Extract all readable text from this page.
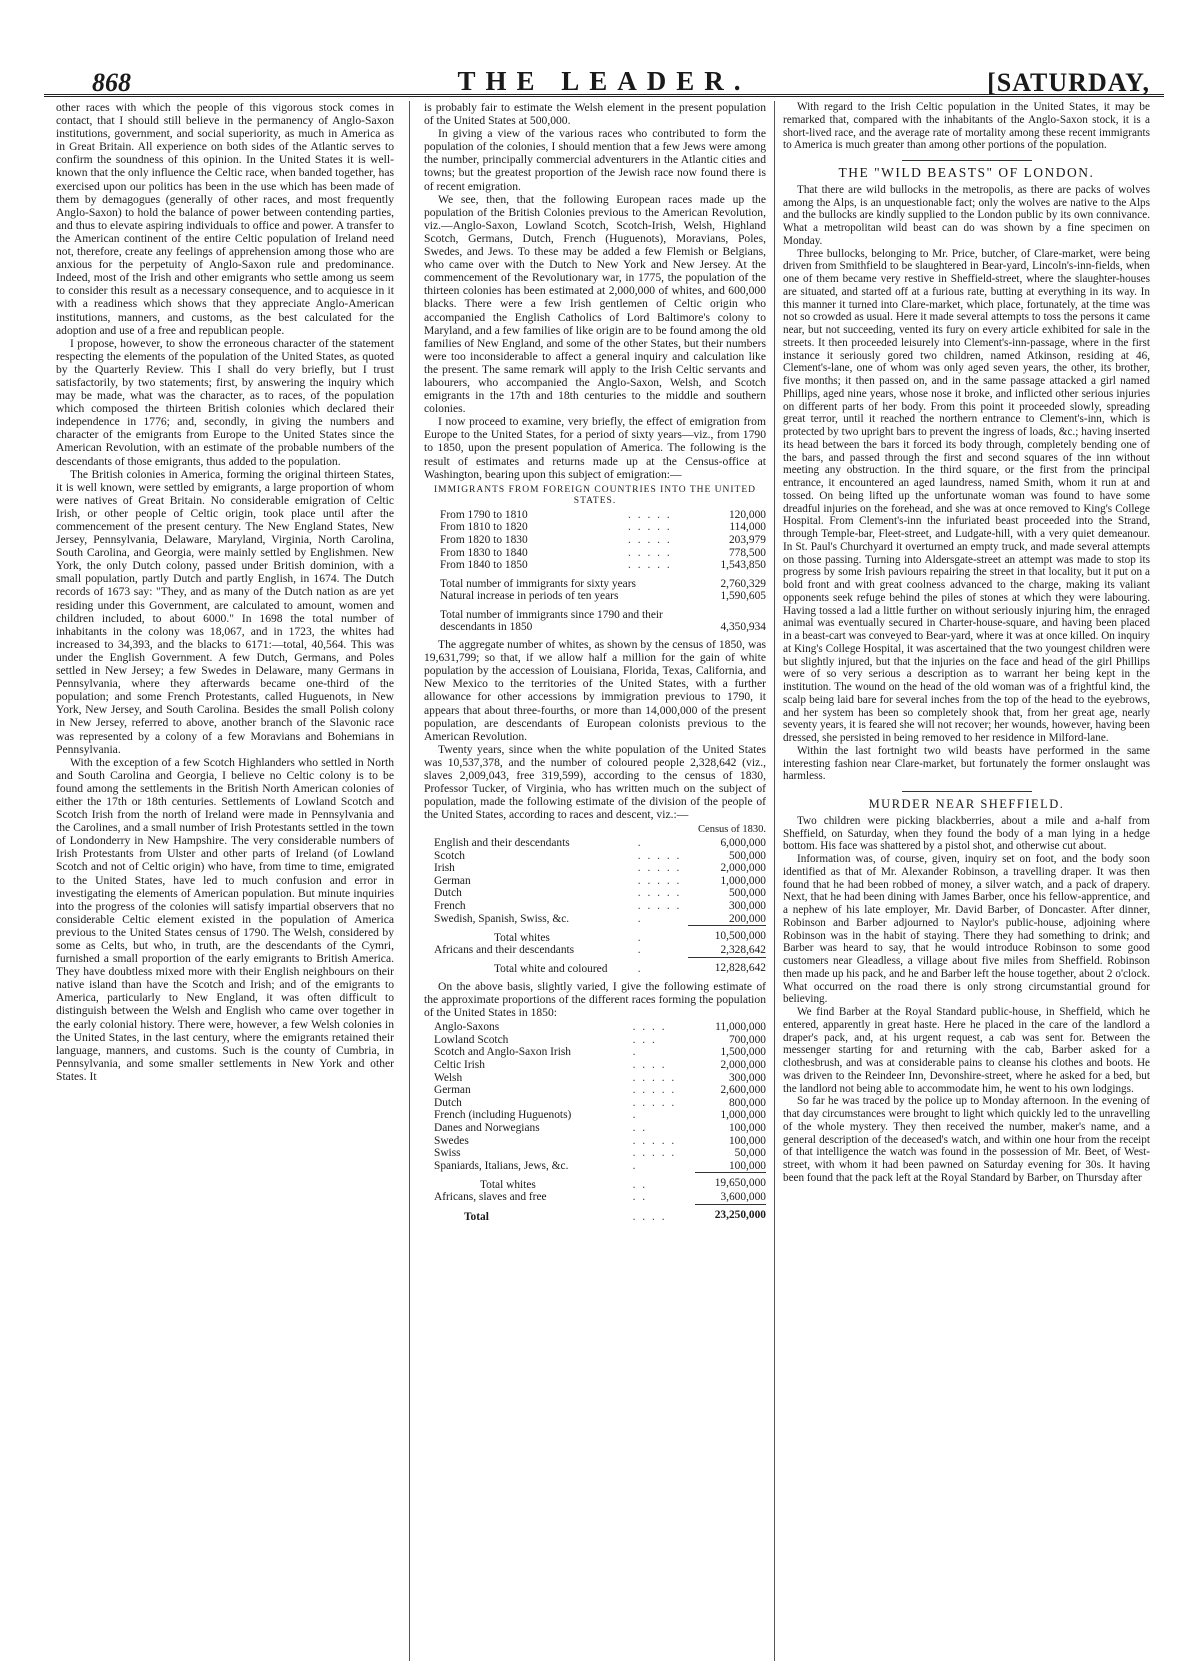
868	THE LEADER.	[SATURDAY,

other races with which the people of this vigorous stock comes in contact, that I should still believe in the permanency of Anglo-Saxon institutions, government, and social superiority, as much in America as in Great Britain. All experience on both sides of the Atlantic serves to confirm the soundness of this opinion. In the United States it is well-known that the only influence the Celtic race, when banded together, has exercised upon our politics has been in the use which has been made of them by demagogues (generally of other races, and most frequently Anglo-Saxon) to hold the balance of power between contending parties, and thus to elevate aspiring individuals to office and power. A transfer to the American continent of the entire Celtic population of Ireland need not, therefore, create any feelings of apprehension among those who are anxious for the perpetuity of Anglo-Saxon rule and predominance. Indeed, most of the Irish and other emigrants who settle among us seem to consider this result as a necessary consequence, and to acquiesce in it with a readiness which shows that they appreciate Anglo-American institutions, manners, and customs, as the best calculated for the adoption and use of a free and republican people.

I propose, however, to show the erroneous character of the statement respecting the elements of the population of the United States, as quoted by the Quarterly Review. This I shall do very briefly, but I trust satisfactorily, by two statements; first, by answering the inquiry which may be made, what was the character, as to races, of the population which composed the thirteen British colonies which declared their independence in 1776; and, secondly, in giving the numbers and character of the emigrants from Europe to the United States since the American Revolution, with an estimate of the probable numbers of the descendants of those emigrants, thus added to the population.

The British colonies in America, forming the original thirteen States, it is well known, were settled by emigrants, a large proportion of whom were natives of Great Britain. No considerable emigration of Celtic Irish, or other people of Celtic origin, took place until after the commencement of the present century. The New England States, New Jersey, Pennsylvania, Delaware, Maryland, Virginia, North Carolina, South Carolina, and Georgia, were mainly settled by Englishmen. New York, the only Dutch colony, passed under British dominion, with a small population, partly Dutch and partly English, in 1674. The Dutch records of 1673 say: "They, and as many of the Dutch nation as are yet residing under this Government, are calculated to amount, women and children included, to about 6000." In 1698 the total number of inhabitants in the colony was 18,067, and in 1723, the whites had increased to 34,393, and the blacks to 6171:—total, 40,564. This was under the English Government. A few Dutch, Germans, and Poles settled in New Jersey; a few Swedes in Delaware, many Germans in Pennsylvania, where they afterwards became one-third of the population; and some French Protestants, called Huguenots, in New York, New Jersey, and South Carolina. Besides the small Polish colony in New Jersey, referred to above, another branch of the Slavonic race was represented by a colony of a few Moravians and Bohemians in Pennsylvania.

With the exception of a few Scotch Highlanders who settled in North and South Carolina and Georgia, I believe no Celtic colony is to be found among the settlements in the British North American colonies of either the 17th or 18th centuries. Settlements of Lowland Scotch and Scotch Irish from the north of Ireland were made in Pennsylvania and the Carolines, and a small number of Irish Protestants settled in the town of Londonderry in New Hampshire. The very considerable numbers of Irish Protestants from Ulster and other parts of Ireland (of Lowland Scotch and not of Celtic origin) who have, from time to time, emigrated to the United States, have led to much confusion and error in investigating the elements of American population. But minute inquiries into the progress of the colonies will satisfy impartial observers that no considerable Celtic element existed in the population of America previous to the United States census of 1790. The Welsh, considered by some as Celts, but who, in truth, are the descendants of the Cymri, furnished a small proportion of the early emigrants to British America. They have doubtless mixed more with their English neighbours on their native island than have the Scotch and Irish; and of the emigrants to America, particularly to New England, it was often difficult to distinguish between the Welsh and English who came over together in the early colonial history. There were, however, a few Welsh colonies in the United States, in the last century, where the emigrants retained their language, manners, and customs. Such is the county of Cumbria, in Pennsylvania, and some smaller settlements in New York and other States. It

is probably fair to estimate the Welsh element in the present population of the United States at 500,000.

In giving a view of the various races who contributed to form the population of the colonies, I should mention that a few Jews were among the number, principally commercial adventurers in the Atlantic cities and towns; but the greatest proportion of the Jewish race now found there is of recent emigration.

We see, then, that the following European races made up the population of the British Colonies previous to the American Revolution, viz.—Anglo-Saxon, Lowland Scotch, Scotch-Irish, Welsh, Highland Scotch, Germans, Dutch, French (Huguenots), Moravians, Poles, Swedes, and Jews. To these may be added a few Flemish or Belgians, who came over with the Dutch to New York and New Jersey. At the commencement of the Revolutionary war, in 1775, the population of the thirteen colonies has been estimated at 2,000,000 of whites, and 600,000 blacks. There were a few Irish gentlemen of Celtic origin who accompanied the English Catholics of Lord Baltimore's colony to Maryland, and a few families of like origin are to be found among the old families of New England, and some of the other States, but their numbers were too inconsiderable to affect a general inquiry and calculation like the present. The same remark will apply to the Irish Celtic servants and labourers, who accompanied the Anglo-Saxon, Welsh, and Scotch emigrants in the 17th and 18th centuries to the middle and southern colonies.

I now proceed to examine, very briefly, the effect of emigration from Europe to the United States, for a period of sixty years—viz., from 1790 to 1850, upon the present population of America. The following is the result of estimates and returns made up at the Census-office at Washington, bearing upon this subject of emigration:—

IMMIGRANTS FROM FOREIGN COUNTRIES INTO THE UNITED STATES.
From 1790 to 1810	. . . . .	120,000
From 1810 to 1820	. . . . .	114,000
From 1820 to 1830	. . . . .	203,979
From 1830 to 1840	. . . . .	778,500
From 1840 to 1850	. . . . .	1,543,850
Total number of immigrants for sixty years		2,760,329
Natural increase in periods of ten years		1,590,605
Total number of immigrants since 1790 and their descendants in 1850		4,350,934

The aggregate number of whites, as shown by the census of 1850, was 19,631,799; so that, if we allow half a million for the gain of white population by the accession of Louisiana, Florida, Texas, California, and New Mexico to the territories of the United States, with a further allowance for other accessions by immigration previous to 1790, it appears that about three-fourths, or more than 14,000,000 of the present population, are descendants of European colonists previous to the American Revolution.

Twenty years, since when the white population of the United States was 10,537,378, and the number of coloured people 2,328,642 (viz., slaves 2,009,043, free 319,599), according to the census of 1830, Professor Tucker, of Virginia, who has written much on the subject of population, made the following estimate of the division of the people of the United States, according to races and descent, viz.:—

		Census of 1830.
English and their descendants	.	6,000,000
Scotch	. . . . .	500,000
Irish	. . . . .	2,000,000
German	. . . . .	1,000,000
Dutch	. . . . .	500,000
French	. . . . .	300,000
Swedish, Spanish, Swiss, &c.	.	200,000
Total whites	.	10,500,000
Africans and their descendants	.	2,328,642
Total white and coloured	.	12,828,642

On the above basis, slightly varied, I give the following estimate of the approximate proportions of the different races forming the population of the United States in 1850:

Anglo-Saxons	. . . .	11,000,000
Lowland Scotch	. . .	700,000
Scotch and Anglo-Saxon Irish	.	1,500,000
Celtic Irish	. . . .	2,000,000
Welsh	. . . . .	300,000
German	. . . . .	2,600,000
Dutch	. . . . .	800,000
French (including Huguenots)	.	1,000,000
Danes and Norwegians	. .	100,000
Swedes	. . . . .	100,000
Swiss	. . . . .	50,000
Spaniards, Italians, Jews, &c.	.	100,000
Total whites	. .	19,650,000
Africans, slaves and free	. .	3,600,000
Total	. . . .	23,250,000

With regard to the Irish Celtic population in the United States, it may be remarked that, compared with the inhabitants of the Anglo-Saxon stock, it is a short-lived race, and the average rate of mortality among these recent immigrants to America is much greater than among other portions of the population.

THE "WILD BEASTS" OF LONDON.

That there are wild bullocks in the metropolis, as there are packs of wolves among the Alps, is an unquestionable fact; only the wolves are native to the Alps and the bullocks are kindly supplied to the London public by its own connivance. What a metropolitan wild beast can do was shown by a fine specimen on Monday.

Three bullocks, belonging to Mr. Price, butcher, of Clare-market, were being driven from Smithfield to be slaughtered in Bear-yard, Lincoln's-inn-fields, when one of them became very restive in Sheffield-street, where the slaughter-houses are situated, and started off at a furious rate, butting at everything in its way. In this manner it turned into Clare-market, which place, fortunately, at the time was not so crowded as usual. Here it made several attempts to toss the persons it came near, but not succeeding, vented its fury on every article exhibited for sale in the streets. It then proceeded leisurely into Clement's-inn-passage, where in the first instance it seriously gored two children, named Atkinson, residing at 46, Clement's-lane, one of whom was only aged seven years, the other, its brother, five months; it then passed on, and in the same passage attacked a girl named Phillips, aged nine years, whose nose it broke, and inflicted other serious injuries on different parts of her body. From this point it proceeded slowly, spreading great terror, until it reached the northern entrance to Clement's-inn, which is protected by two upright bars to prevent the ingress of loads, &c.; having inserted its head between the bars it forced its body through, completely bending one of the bars, and passed through the first and second squares of the inn without meeting any obstruction. In the third square, or the first from the principal entrance, it encountered an aged laundress, named Smith, whom it run at and tossed. On being lifted up the unfortunate woman was found to have some dreadful injuries on the forehead, and she was at once removed to King's College Hospital. From Clement's-inn the infuriated beast proceeded into the Strand, through Temple-bar, Fleet-street, and Ludgate-hill, with a very quiet demeanour. In St. Paul's Churchyard it overturned an empty truck, and made several attempts on those passing. Turning into Aldersgate-street an attempt was made to stop its progress by some Irish paviours repairing the street in that locality, but it put on a bold front and with great coolness advanced to the charge, making its valiant opponents seek refuge behind the piles of stones at which they were labouring. Having tossed a lad a little further on without seriously injuring him, the enraged animal was eventually secured in Charter-house-square, and having been placed in a beast-cart was conveyed to Bear-yard, where it was at once killed. On inquiry at King's College Hospital, it was ascertained that the two youngest children were but slightly injured, but that the injuries on the face and head of the girl Phillips were of so very serious a description as to warrant her being kept in the institution. The wound on the head of the old woman was of a frightful kind, the scalp being laid bare for several inches from the top of the head to the eyebrows, and her system has been so completely shook that, from her great age, nearly seventy years, it is feared she will not recover; her wounds, however, having been dressed, she persisted in being removed to her residence in Milford-lane.

Within the last fortnight two wild beasts have performed in the same interesting fashion near Clare-market, but fortunately the former onslaught was harmless.

MURDER NEAR SHEFFIELD.

Two children were picking blackberries, about a mile and a-half from Sheffield, on Saturday, when they found the body of a man lying in a hedge bottom. His face was shattered by a pistol shot, and otherwise cut about.

Information was, of course, given, inquiry set on foot, and the body soon identified as that of Mr. Alexander Robinson, a travelling draper. It was then found that he had been robbed of money, a silver watch, and a pack of drapery. Next, that he had been dining with James Barber, once his fellow-apprentice, and a nephew of his late employer, Mr. David Barber, of Doncaster. After dinner, Robinson and Barber adjourned to Naylor's public-house, adjoining where Robinson was in the habit of staying. There they had something to drink; and Barber was heard to say, that he would introduce Robinson to some good customers near Gleadless, a village about five miles from Sheffield. Robinson then made up his pack, and he and Barber left the house together, about 2 o'clock. What occurred on the road there is only strong circumstantial ground for believing.

We find Barber at the Royal Standard public-house, in Sheffield, which he entered, apparently in great haste. Here he placed in the care of the landlord a draper's pack, and, at his urgent request, a cab was sent for. Between the messenger starting for and returning with the cab, Barber asked for a clothesbrush, and was at considerable pains to cleanse his clothes and boots. He was driven to the Reindeer Inn, Devonshire-street, where he asked for a bed, but the landlord not being able to accommodate him, he went to his own lodgings.

So far he was traced by the police up to Monday afternoon. In the evening of that day circumstances were brought to light which quickly led to the unravelling of the whole mystery. They then received the number, maker's name, and a general description of the deceased's watch, and within one hour from the receipt of that intelligence the watch was found in the possession of Mr. Beet, of West-street, with whom it had been pawned on Saturday evening for 30s. It having been found that the pack left at the Royal Standard by Barber, on Thursday after
